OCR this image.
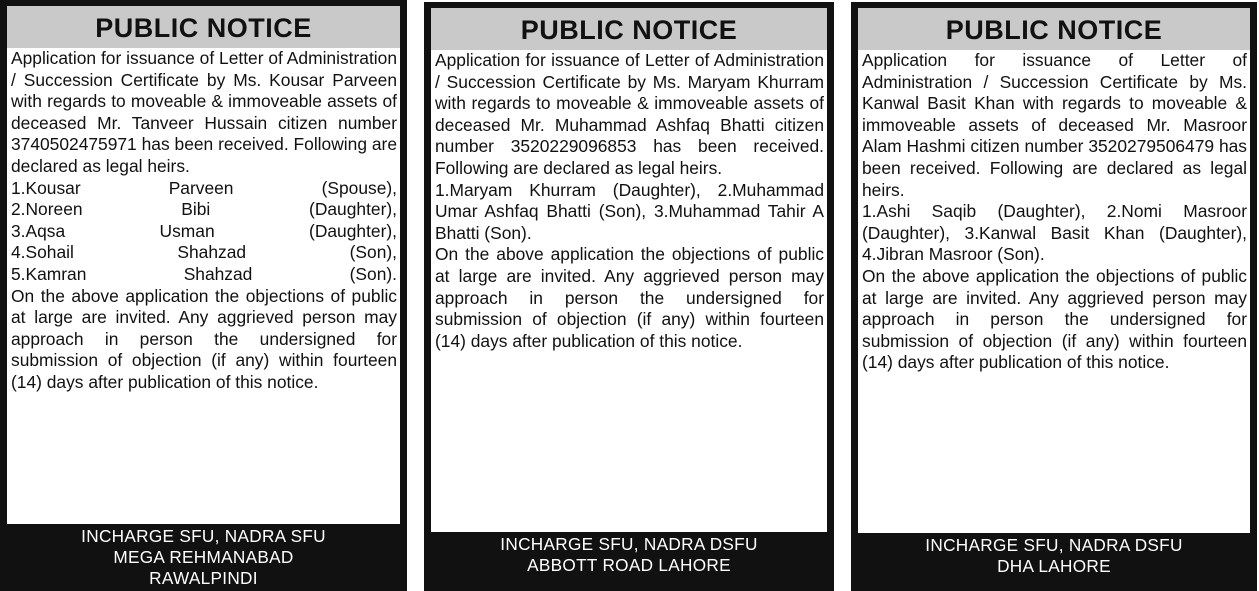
PUBLIC NOTICE

Application for issuance of Letter of Administration / Succession Certificate by Ms. Kousar Parveen with regards to moveable & immoveable assets of deceased Mr. Tanveer Hussain citizen number 3740502475971 has been received. Following are declared as legal heirs.

1.Kousar Parveen (Spouse),
2.Noreen Bibi (Daughter),
3.Aqsa Usman (Daughter),
4.Sohail Shahzad (Son),
5.Kamran Shahzad (Son).

On the above application the objections of public at large are invited. Any aggrieved person may approach in person the undersigned for submission of objection (if any) within fourteen (14) days after publication of this notice.

INCHARGE SFU, NADRA SFU
MEGA REHMANABAD
RAWALPINDI
PUBLIC NOTICE

Application for issuance of Letter of Administration / Succession Certificate by Ms. Maryam Khurram with regards to moveable & immoveable assets of deceased Mr. Muhammad Ashfaq Bhatti citizen number 3520229096853 has been received. Following are declared as legal heirs.

1.Maryam Khurram (Daughter), 2.Muhammad Umar Ashfaq Bhatti (Son), 3.Muhammad Tahir A Bhatti (Son).

On the above application the objections of public at large are invited. Any aggrieved person may approach in person the undersigned for submission of objection (if any) within fourteen (14) days after publication of this notice.

INCHARGE SFU, NADRA DSFU
ABBOTT ROAD LAHORE
PUBLIC NOTICE

Application for issuance of Letter of Administration / Succession Certificate by Ms. Kanwal Basit Khan with regards to moveable & immoveable assets of deceased Mr. Masroor Alam Hashmi citizen number 3520279506479 has been received. Following are declared as legal heirs.

1.Ashi Saqib (Daughter), 2.Nomi Masroor (Daughter), 3.Kanwal Basit Khan (Daughter), 4.Jibran Masroor (Son).

On the above application the objections of public at large are invited. Any aggrieved person may approach in person the undersigned for submission of objection (if any) within fourteen (14) days after publication of this notice.

INCHARGE SFU, NADRA DSFU
DHA LAHORE
